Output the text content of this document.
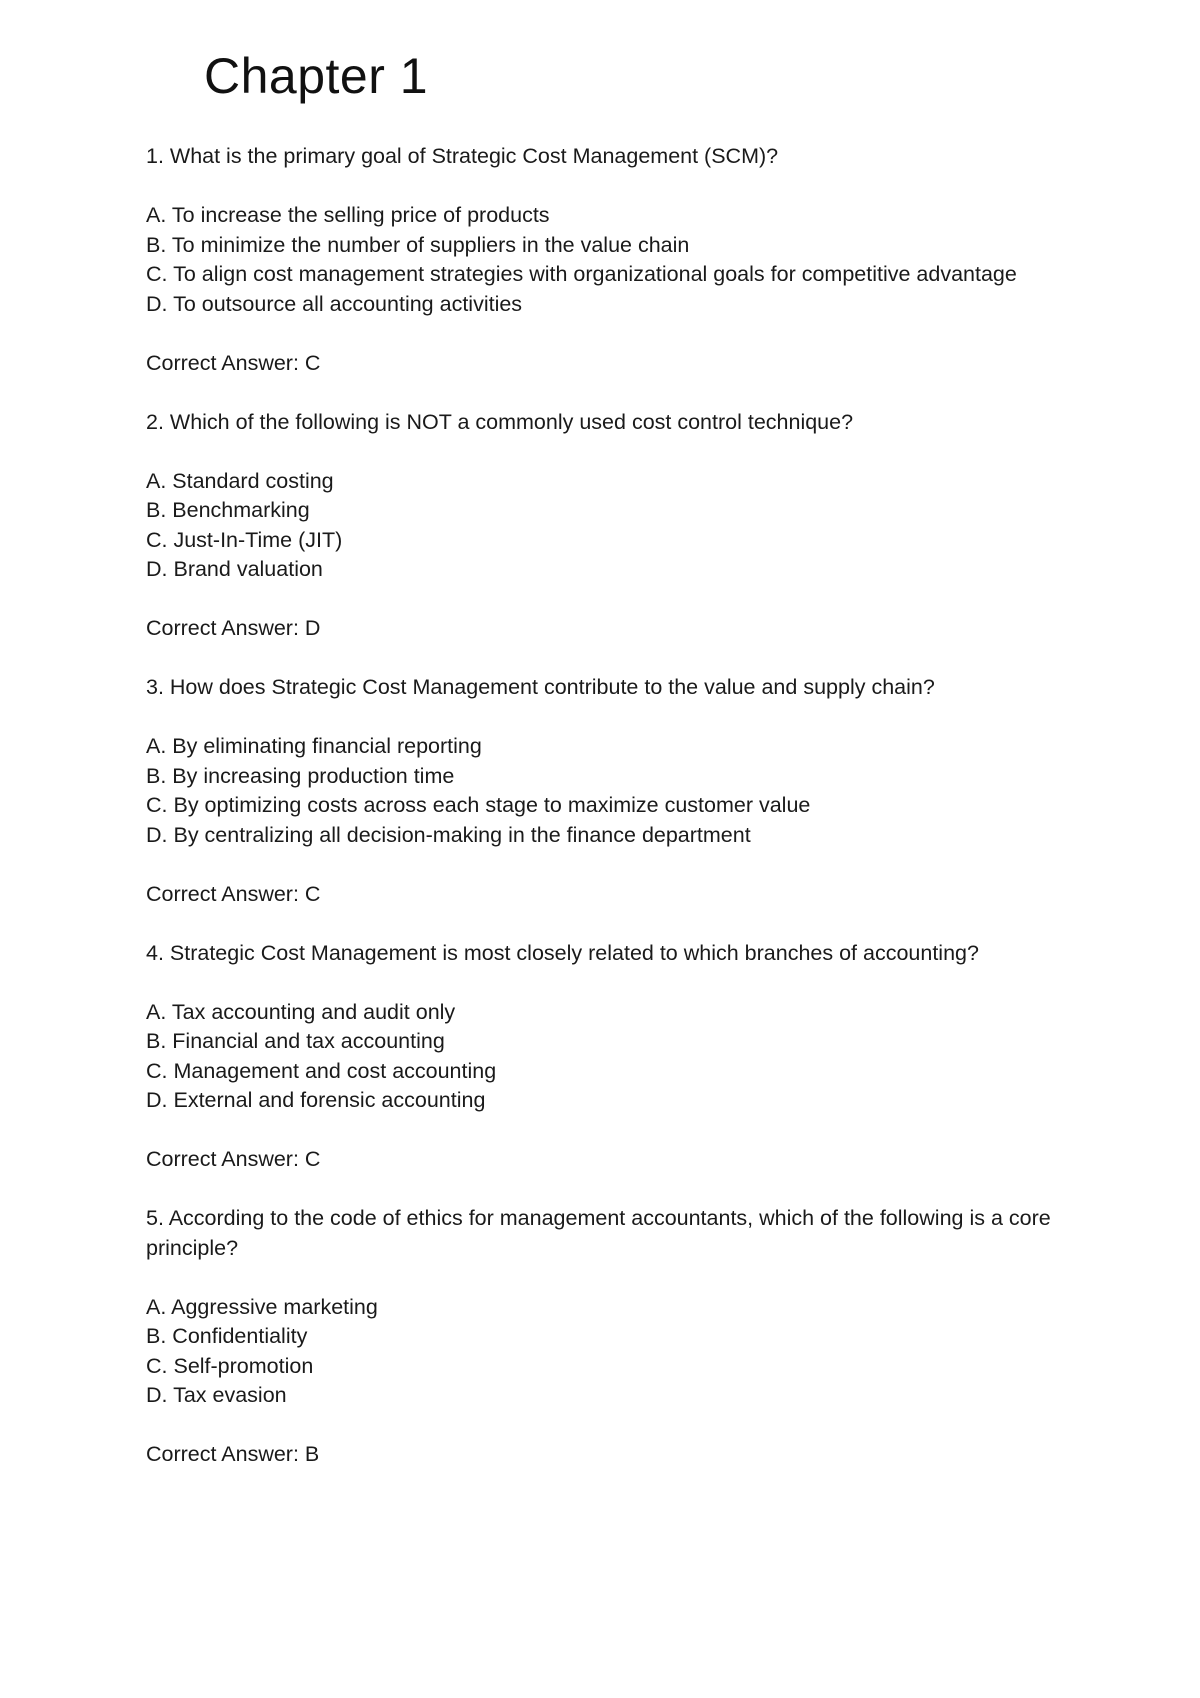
Chapter 1

1. What is the primary goal of Strategic Cost Management (SCM)?

A. To increase the selling price of products
B. To minimize the number of suppliers in the value chain
C. To align cost management strategies with organizational goals for competitive advantage
D. To outsource all accounting activities

Correct Answer: C

2. Which of the following is NOT a commonly used cost control technique?

A. Standard costing
B. Benchmarking
C. Just-In-Time (JIT)
D. Brand valuation

Correct Answer: D

3. How does Strategic Cost Management contribute to the value and supply chain?

A. By eliminating financial reporting
B. By increasing production time
C. By optimizing costs across each stage to maximize customer value
D. By centralizing all decision-making in the finance department

Correct Answer: C

4. Strategic Cost Management is most closely related to which branches of accounting?

A. Tax accounting and audit only
B. Financial and tax accounting
C. Management and cost accounting
D. External and forensic accounting

Correct Answer: C

5. According to the code of ethics for management accountants, which of the following is a core principle?

A. Aggressive marketing
B. Confidentiality
C. Self-promotion
D. Tax evasion

Correct Answer: B
